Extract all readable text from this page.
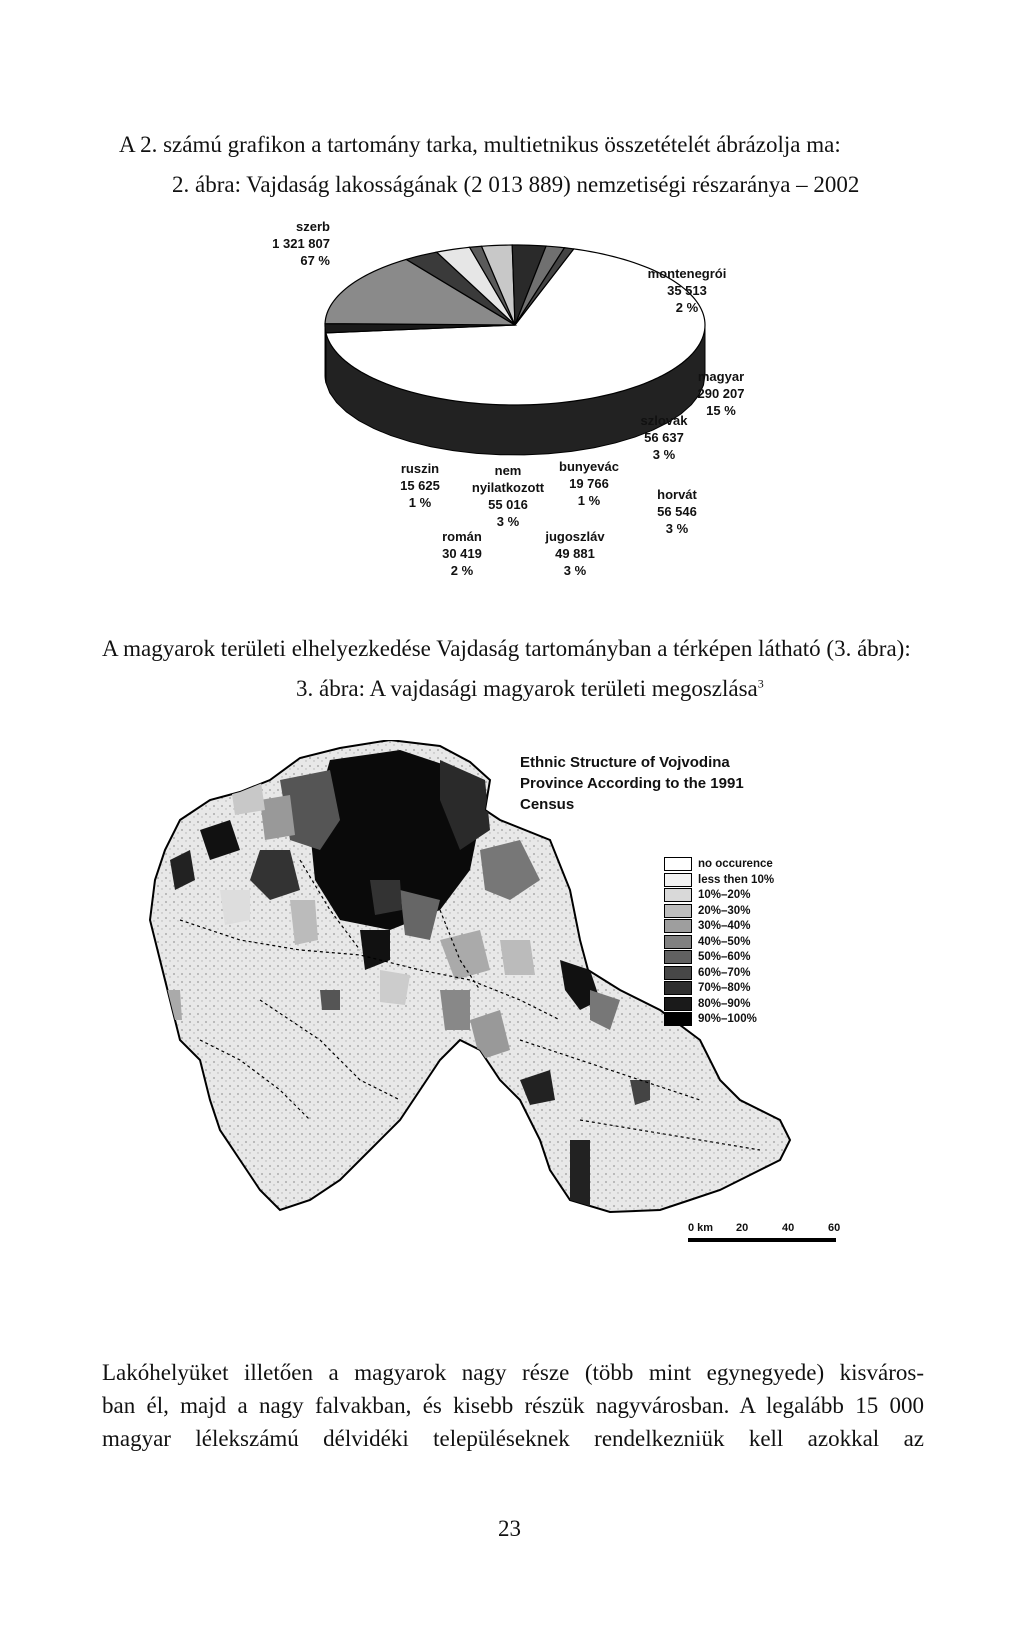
A 2. számú grafikon a tartomány tarka, multietnikus összetételét ábrázolja ma:
2. ábra: Vajdaság lakosságának (2 013 889) nemzetiségi részaránya – 2002
szerb
1 321 807
67 %
montenegrói
35 513
2 %
magyar
290 207
15 %
szlovák
56 637
3 %
horvát
56 546
3 %
bunyevác
19 766
1 %
nem
nyilatkozott
55 016
3 %
jugoszláv
49 881
3 %
román
30 419
2 %
ruszin
15 625
1 %
A magyarok területi elhelyezkedése Vajdaság tartományban a térképen látható (3. ábra):
3. ábra: A vajdasági magyarok területi megoszlása$^3$
Ethnic Structure of Vojvodina
Province According to the 1991
Census
no occurence
less then 10%
10%–20%
20%–30%
30%–40%
40%–50%
50%–60%
60%–70%
70%–80%
80%–90%
90%–100%
0 km 20	40	60
Lakóhelyüket illetően a magyarok nagy része (több mint egynegyede) kisváros-
ban él, majd a nagy falvakban, és kisebb részük nagyvárosban. A legalább 15 000
magyar lélekszámú délvidéki településeknek rendelkezniük kell azokkal az
23
